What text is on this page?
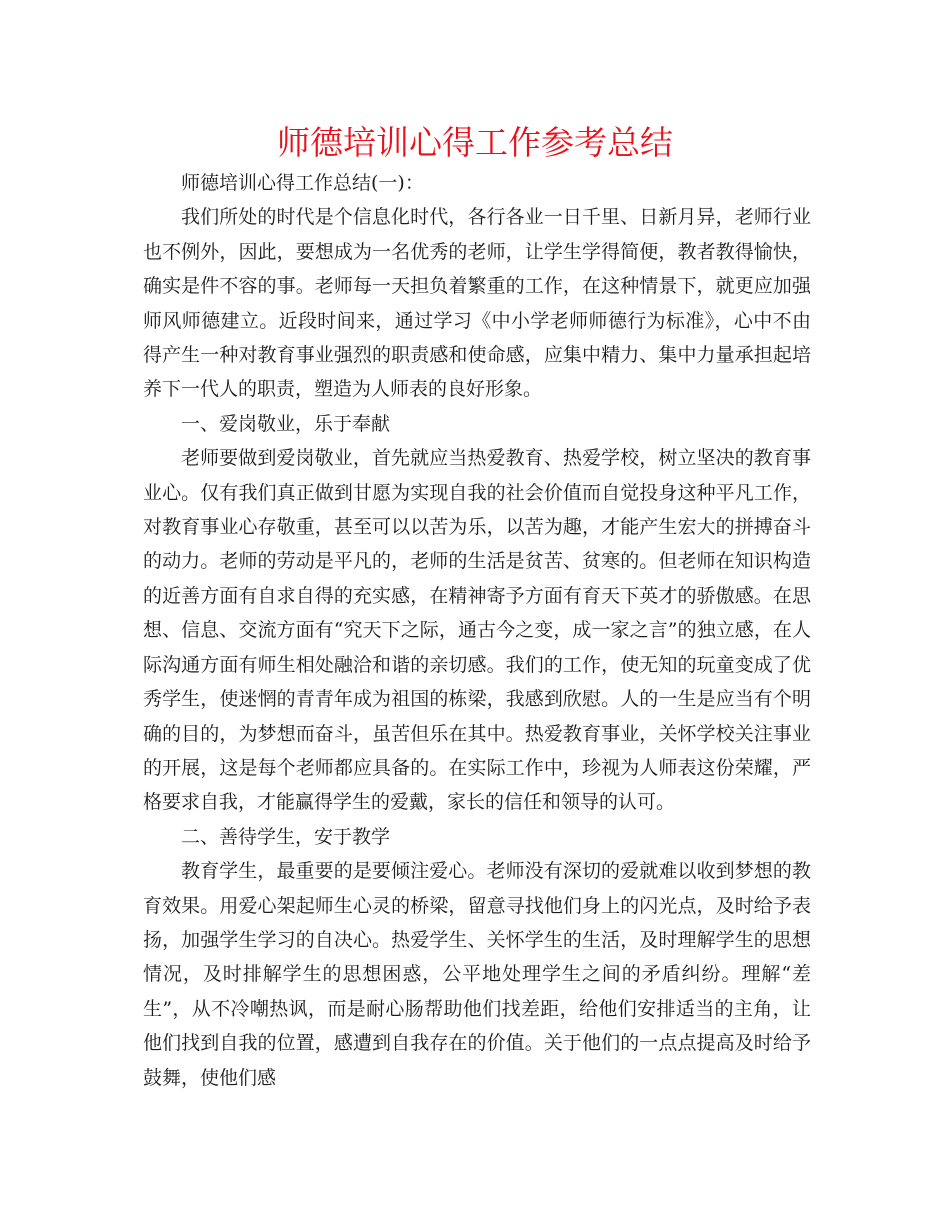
师德培训心得工作参考总结

师德培训心得工作总结(一)：

我们所处的时代是个信息化时代，各行各业一日千里、日新月异，老师行业也不例外，因此，要想成为一名优秀的老师，让学生学得简便，教者教得愉快，确实是件不容的事。老师每一天担负着繁重的工作，在这种情景下，就更应加强师风师德建立。近段时间来，通过学习《中小学老师师德行为标准》，心中不由得产生一种对教育事业强烈的职责感和使命感，应集中精力、集中力量承担起培养下一代人的职责，塑造为人师表的良好形象。

一、爱岗敬业，乐于奉献

老师要做到爱岗敬业，首先就应当热爱教育、热爱学校，树立坚决的教育事业心。仅有我们真正做到甘愿为实现自我的社会价值而自觉投身这种平凡工作，对教育事业心存敬重，甚至可以以苦为乐，以苦为趣，才能产生宏大的拼搏奋斗的动力。老师的劳动是平凡的，老师的生活是贫苦、贫寒的。但老师在知识构造的近善方面有自求自得的充实感，在精神寄予方面有育天下英才的骄傲感。在思想、信息、交流方面有“究天下之际，通古今之变，成一家之言”的独立感，在人际沟通方面有师生相处融洽和谐的亲切感。我们的工作，使无知的玩童变成了优秀学生，使迷惘的青青年成为祖国的栋梁，我感到欣慰。人的一生是应当有个明确的目的，为梦想而奋斗，虽苦但乐在其中。热爱教育事业，关怀学校关注事业的开展，这是每个老师都应具备的。在实际工作中，珍视为人师表这份荣耀，严格要求自我，才能赢得学生的爱戴，家长的信任和领导的认可。

二、善待学生，安于教学

教育学生，最重要的是要倾注爱心。老师没有深切的爱就难以收到梦想的教育效果。用爱心架起师生心灵的桥梁，留意寻找他们身上的闪光点，及时给予表扬，加强学生学习的自决心。热爱学生、关怀学生的生活，及时理解学生的思想情况，及时排解学生的思想困惑，公平地处理学生之间的矛盾纠纷。理解“差生”，从不冷嘲热讽，而是耐心肠帮助他们找差距，给他们安排适当的主角，让他们找到自我的位置，感遭到自我存在的价值。关于他们的一点点提高及时给予鼓舞，使他们感
